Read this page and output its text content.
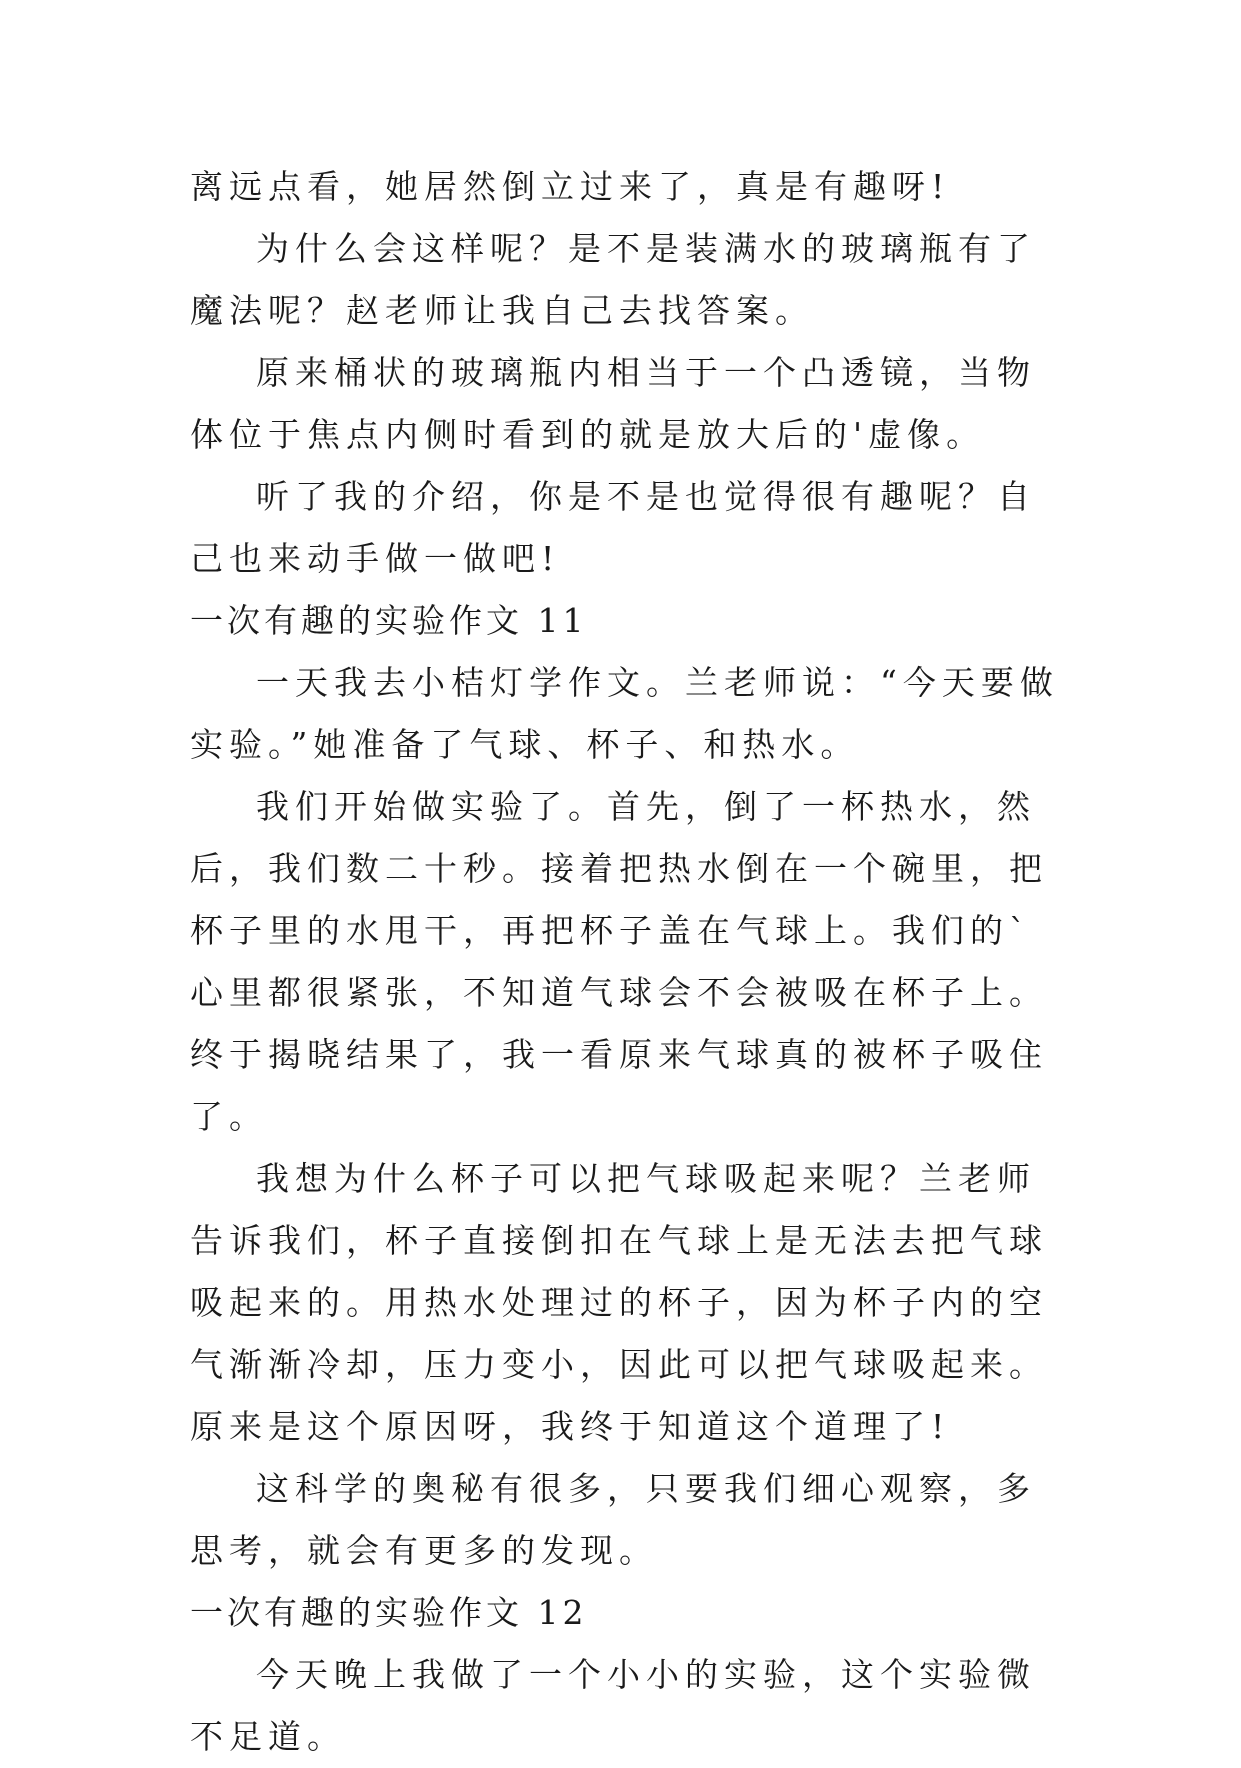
离远点看，她居然倒立过来了，真是有趣呀!

为什么会这样呢？是不是装满水的玻璃瓶有了魔法呢？赵老师让我自己去找答案。

原来桶状的玻璃瓶内相当于一个凸透镜，当物体位于焦点内侧时看到的就是放大后的'虚像。

听了我的介绍，你是不是也觉得很有趣呢？自己也来动手做一做吧!

一次有趣的实验作文 11

一天我去小桔灯学作文。兰老师说：“今天要做实验。”她准备了气球、杯子、和热水。

我们开始做实验了。首先，倒了一杯热水，然后，我们数二十秒。接着把热水倒在一个碗里，把杯子里的水甩干，再把杯子盖在气球上。我们的`心里都很紧张，不知道气球会不会被吸在杯子上。终于揭晓结果了，我一看原来气球真的被杯子吸住了。

我想为什么杯子可以把气球吸起来呢？兰老师告诉我们，杯子直接倒扣在气球上是无法去把气球吸起来的。用热水处理过的杯子，因为杯子内的空气渐渐冷却，压力变小，因此可以把气球吸起来。原来是这个原因呀，我终于知道这个道理了!

这科学的奥秘有很多，只要我们细心观察，多思考，就会有更多的发现。

一次有趣的实验作文 12

今天晚上我做了一个小小的实验，这个实验微不足道。
